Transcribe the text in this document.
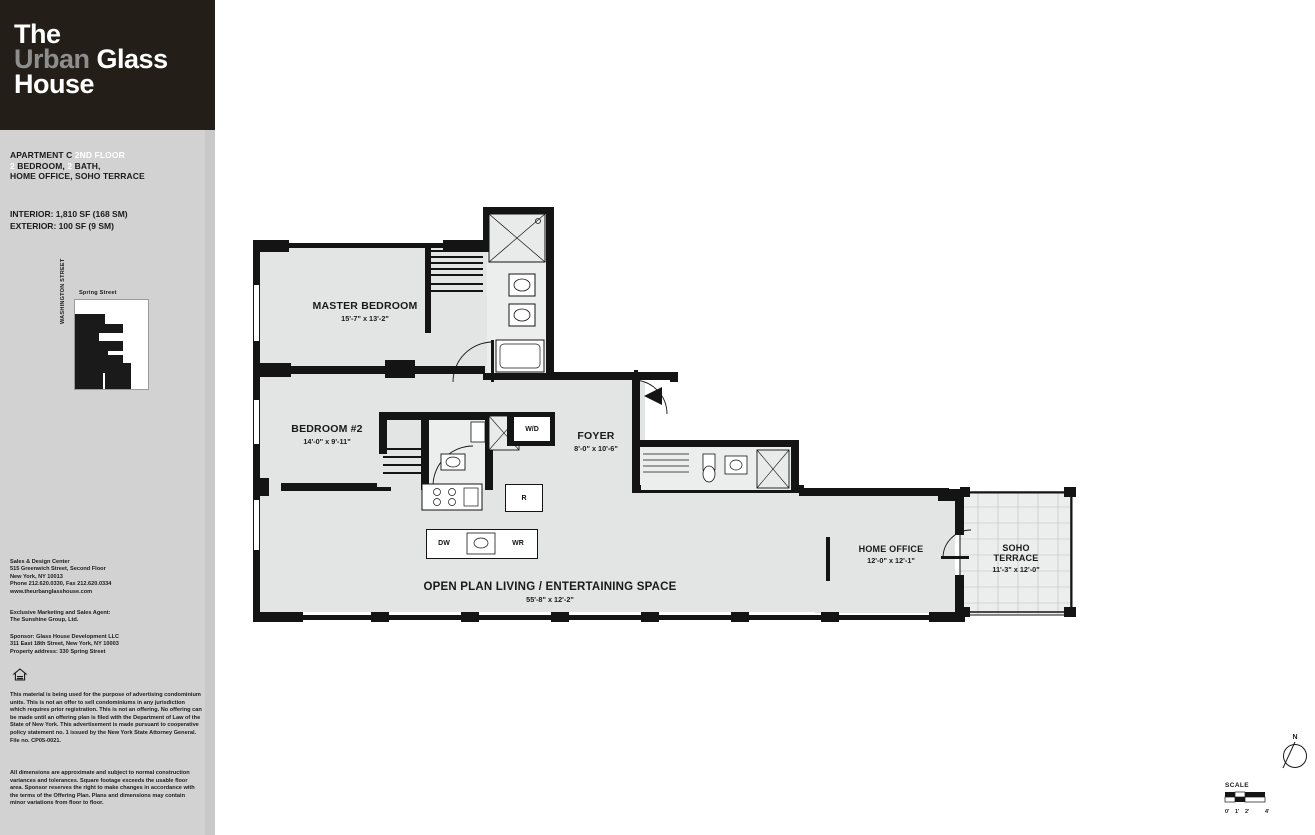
The
Urban Glass
House
APARTMENT C 2ND FLOOR
2 BEDROOM, 2 BATH,
HOME OFFICE, SOHO TERRACE
INTERIOR: 1,810 SF (168 SM)
EXTERIOR: 100 SF (9 SM)
Spring Street
WASHINGTON STREET
Sales & Design Center
515 Greenwich Street, Second Floor
New York, NY 10013
Phone 212.620.0330, Fax 212.620.0334
www.theurbanglasshouse.com
Exclusive Marketing and Sales Agent:
The Sunshine Group, Ltd.
Sponsor: Glass House Development LLC
311 East 18th Street, New York, NY 10003
Property address: 330 Spring Street
This material is being used for the purpose of advertising condominium units. This is not an offer to sell condominiums in any jurisdiction which requires prior registration. This is not an offering. No offering can be made until an offering plan is filed with the Department of Law of the State of New York. This advertisement is made pursuant to cooperative policy statement no. 1 issued by the New York State Attorney General. File no. CP05-0021.
All dimensions are approximate and subject to normal construction variances and tolerances. Square footage exceeds the usable floor area. Sponsor reserves the right to make changes in accordance with the terms of the Offering Plan. Plans and dimensions may contain minor variations from floor to floor.
W/D
R
DW	WR
MASTER BEDROOM
15'-7" x 13'-2"
BEDROOM #2
14'-0" x 9'-11"	FOYER
8'-0" x 10'-6"
HOME OFFICE
12'-0" x 12'-1"
SOHO
TERRACE
11'-3" x 12'-0"
OPEN PLAN LIVING / ENTERTAINING SPACE
55'-8" x 12'-2"
N
SCALE
0' 1' 2'	4'
